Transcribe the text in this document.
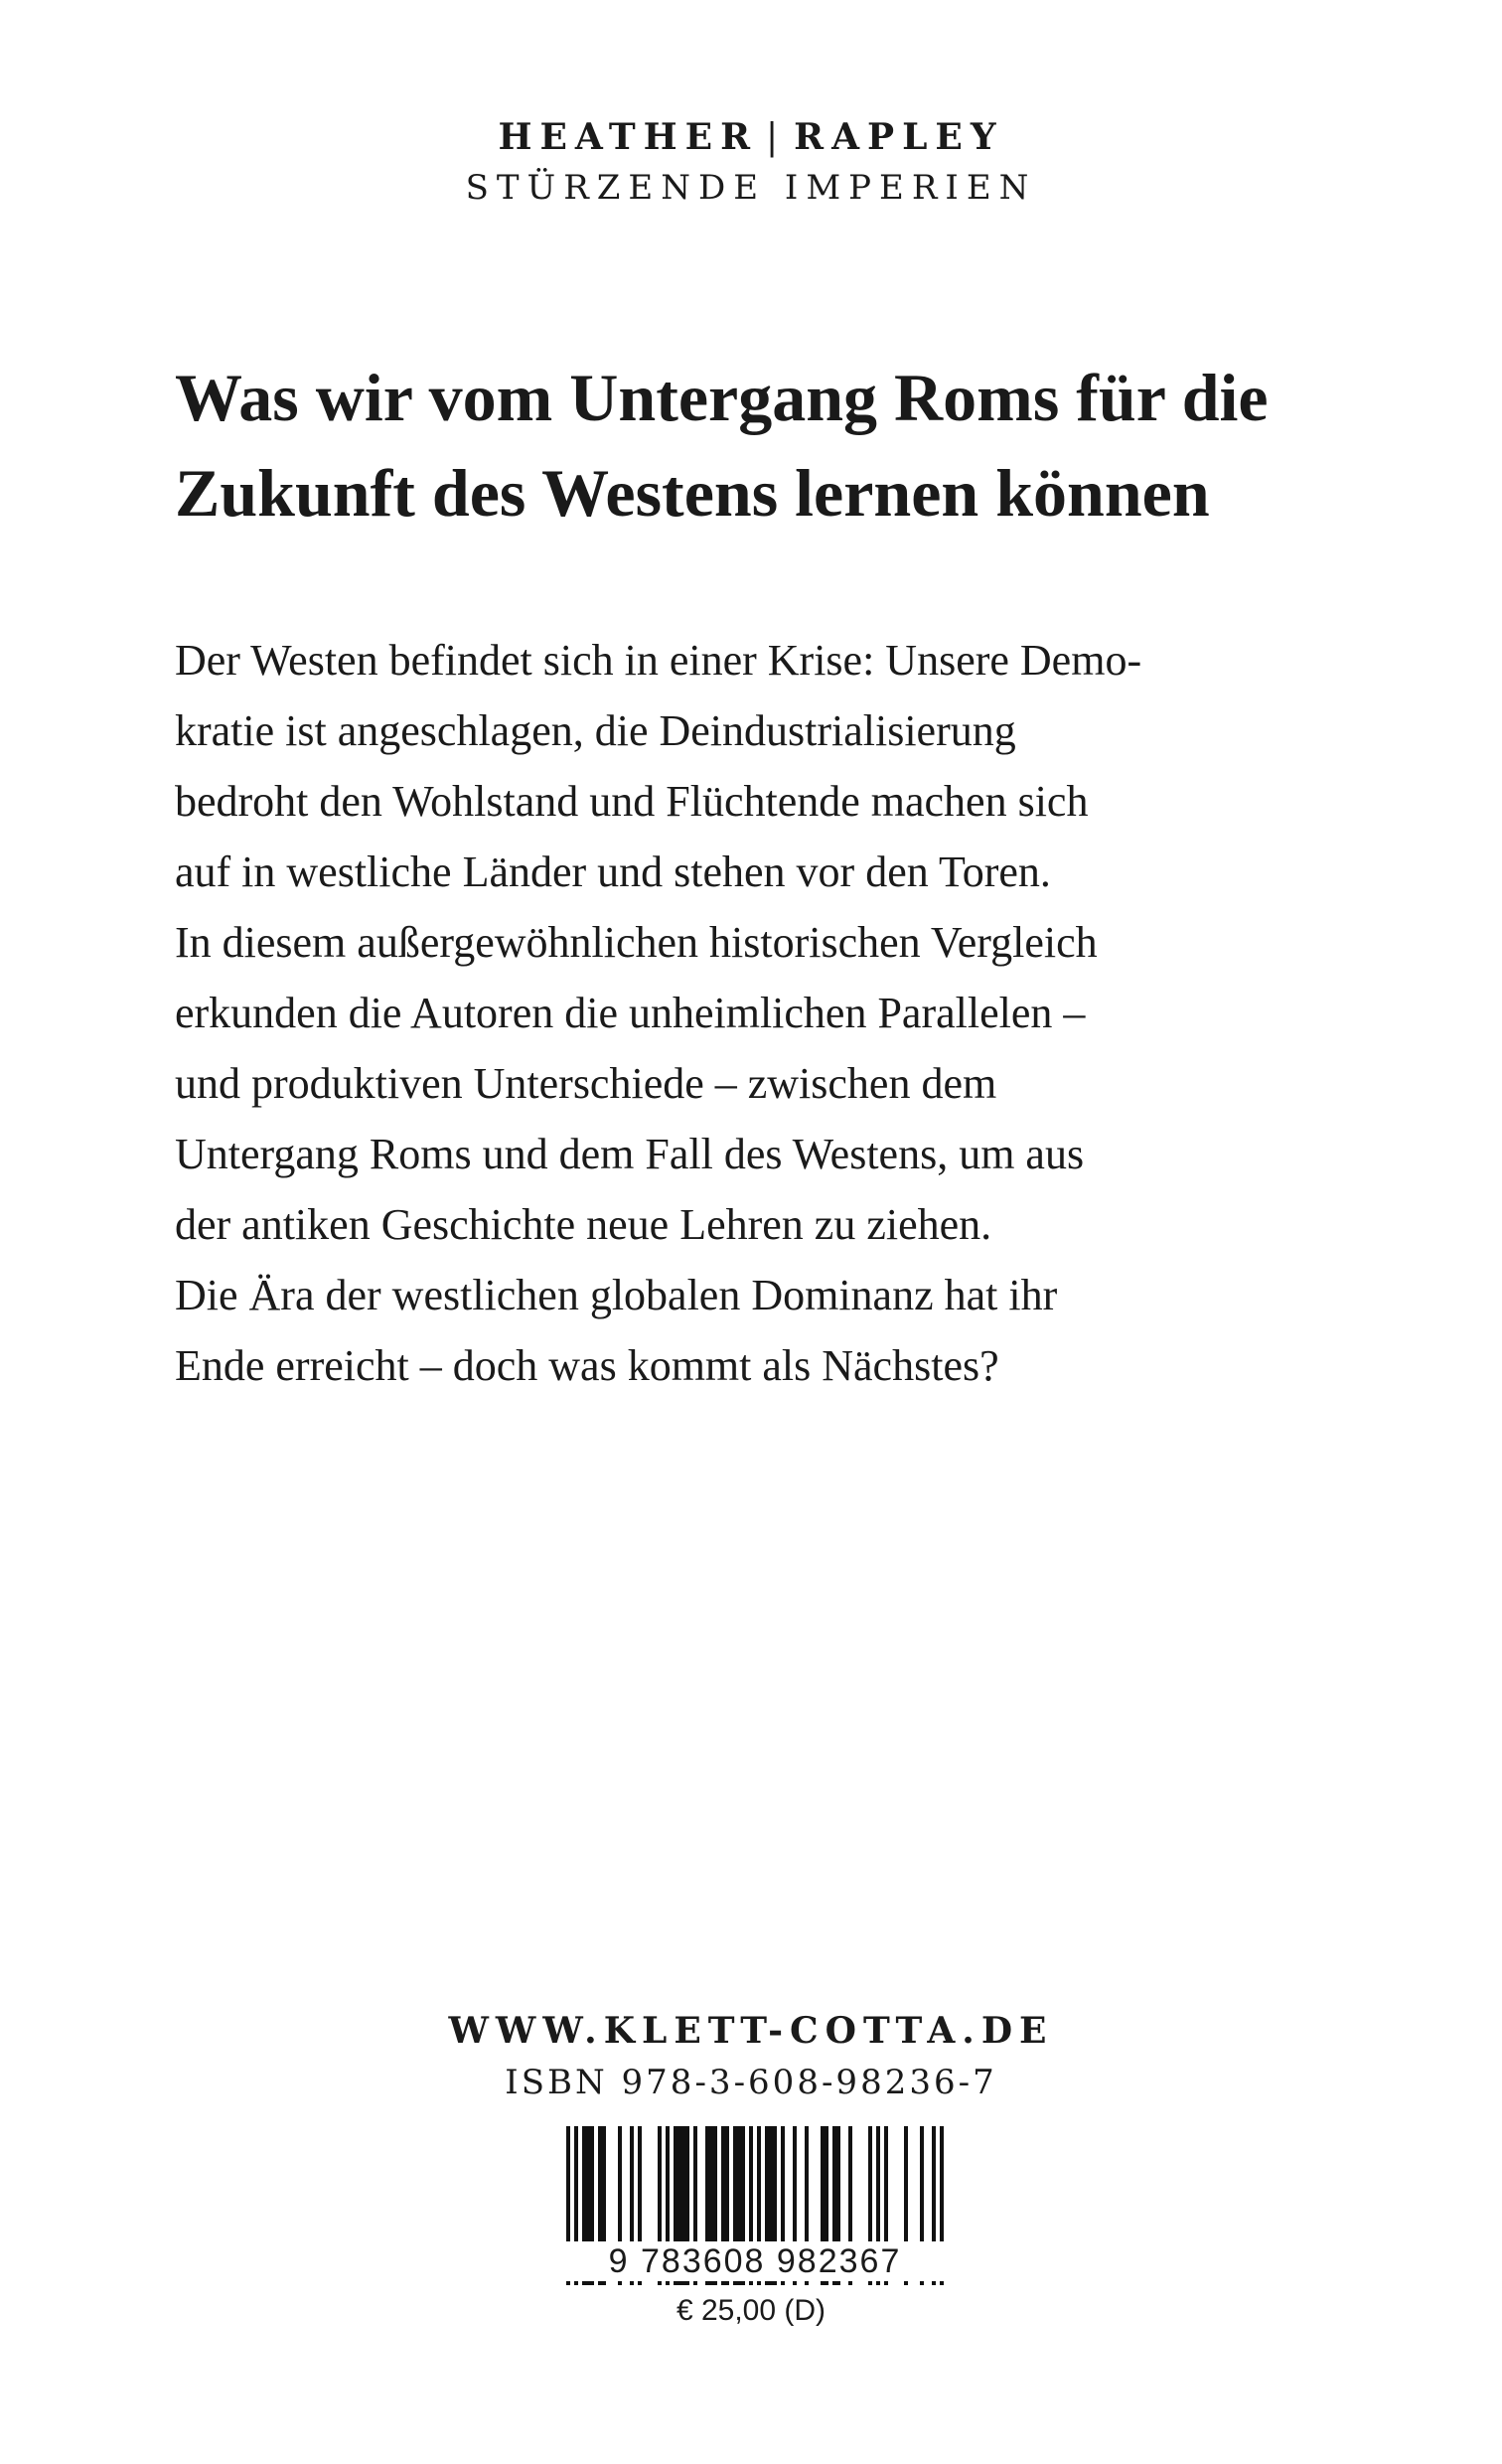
HEATHER | RAPLEY
STÜRZENDE IMPERIEN
Was wir vom Untergang Roms für die
Zukunft des Westens lernen können
Der Westen befindet sich in einer Krise: Unsere Demo-
kratie ist angeschlagen, die Deindustrialisierung
bedroht den Wohlstand und Flüchtende machen sich
auf in westliche Länder und stehen vor den Toren.
In diesem außergewöhnlichen historischen Vergleich
erkunden die Autoren die unheimlichen Parallelen –
und produktiven Unterschiede – zwischen dem
Untergang Roms und dem Fall des Westens, um aus
der antiken Geschichte neue Lehren zu ziehen.
Die Ära der westlichen globalen Dominanz hat ihr
Ende erreicht – doch was kommt als Nächstes?
WWW.KLETT-COTTA.DE
ISBN 978-3-608-98236-7
9 783608 982367
€ 25,00 (D)
